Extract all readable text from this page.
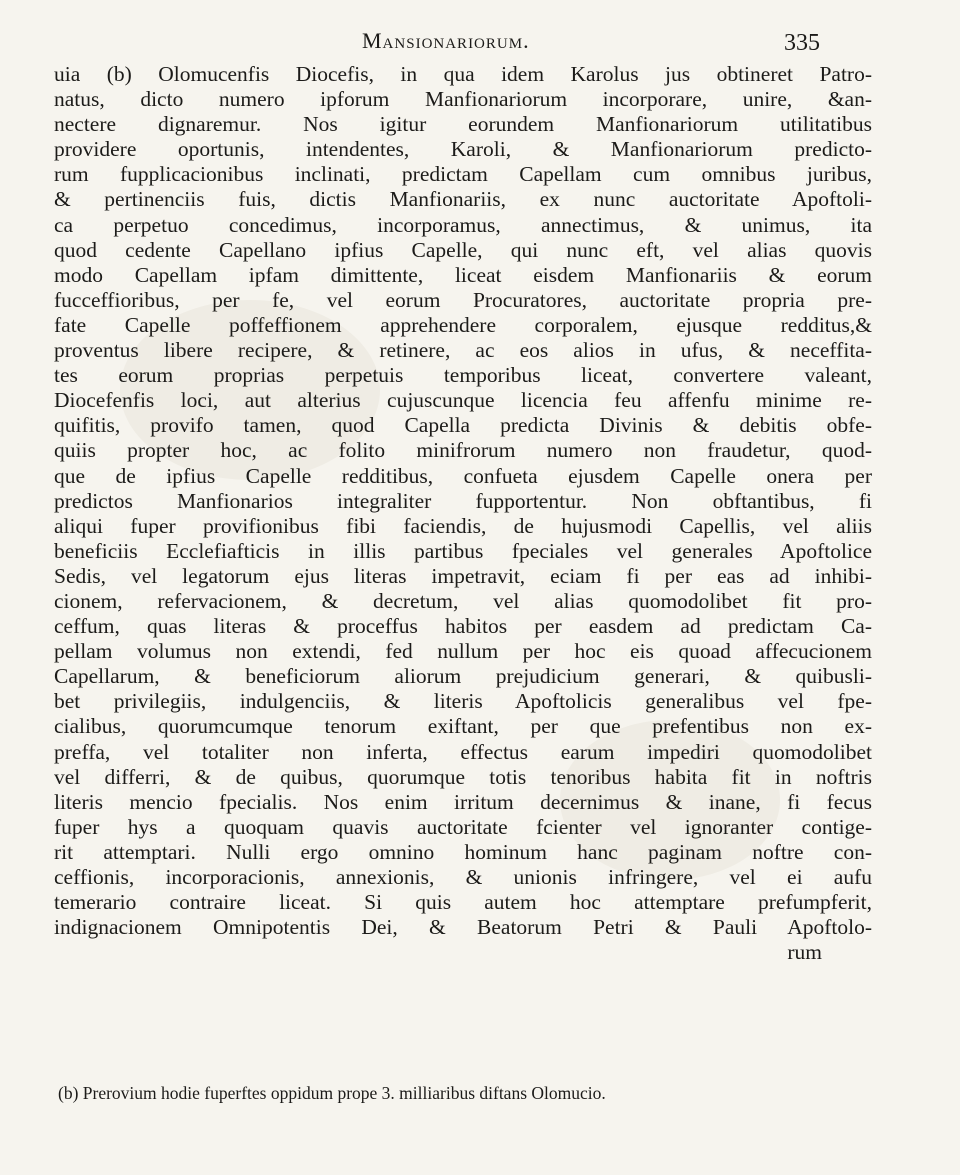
Mansionariorum.	335
uia (b) Olomucenfis Diocefis, in qua idem Karolus jus obtineret Patro-
natus, dicto numero ipforum Manfionariorum incorporare, unire, &an-
nectere dignaremur. Nos igitur eorundem Manfionariorum utilitatibus
providere oportunis, intendentes, Karoli, & Manfionariorum predicto-
rum fupplicacionibus inclinati, predictam Capellam cum omnibus juribus,
& pertinenciis fuis, dictis Manfionariis, ex nunc auctoritate Apoftoli-
ca perpetuo concedimus, incorporamus, annectimus, & unimus, ita
quod cedente Capellano ipfius Capelle, qui nunc eft, vel alias quovis
modo Capellam ipfam dimittente, liceat eisdem Manfionariis & eorum
fucceffioribus, per fe, vel eorum Procuratores, auctoritate propria pre-
fate Capelle poffeffionem apprehendere corporalem, ejusque redditus,&
proventus libere recipere, & retinere, ac eos alios in ufus, & neceffita-
tes eorum proprias perpetuis temporibus liceat, convertere valeant,
Diocefenfis loci, aut alterius cujuscunque licencia feu affenfu minime re-
quifitis, provifo tamen, quod Capella predicta Divinis & debitis obfe-
quiis propter hoc, ac folito minifrorum numero non fraudetur, quod-
que de ipfius Capelle redditibus, confueta ejusdem Capelle onera per
predictos Manfionarios integraliter fupportentur. Non obftantibus, fi
aliqui fuper provifionibus fibi faciendis, de hujusmodi Capellis, vel aliis
beneficiis Ecclefiafticis in illis partibus fpeciales vel generales Apoftolice
Sedis, vel legatorum ejus literas impetravit, eciam fi per eas ad inhibi-
cionem, refervacionem, & decretum, vel alias quomodolibet fit pro-
ceffum, quas literas & proceffus habitos per easdem ad predictam Ca-
pellam volumus non extendi, fed nullum per hoc eis quoad affecucionem
Capellarum, & beneficiorum aliorum prejudicium generari, & quibusli-
bet privilegiis, indulgenciis, & literis Apoftolicis generalibus vel fpe-
cialibus, quorumcumque tenorum exiftant, per que prefentibus non ex-
preffa, vel totaliter non inferta, effectus earum impediri quomodolibet
vel differri, & de quibus, quorumque totis tenoribus habita fit in noftris
literis mencio fpecialis. Nos enim irritum decernimus & inane, fi fecus
fuper hys a quoquam quavis auctoritate fcienter vel ignoranter contige-
rit attemptari. Nulli ergo omnino hominum hanc paginam noftre con-
ceffionis, incorporacionis, annexionis, & unionis infringere, vel ei aufu
temerario contraire liceat. Si quis autem hoc attemptare prefumpferit,
indignacionem Omnipotentis Dei, & Beatorum Petri & Pauli Apoftolo-
rum
(b) Prerovium hodie fuperftes oppidum prope 3. milliaribus diftans Olomucio.
